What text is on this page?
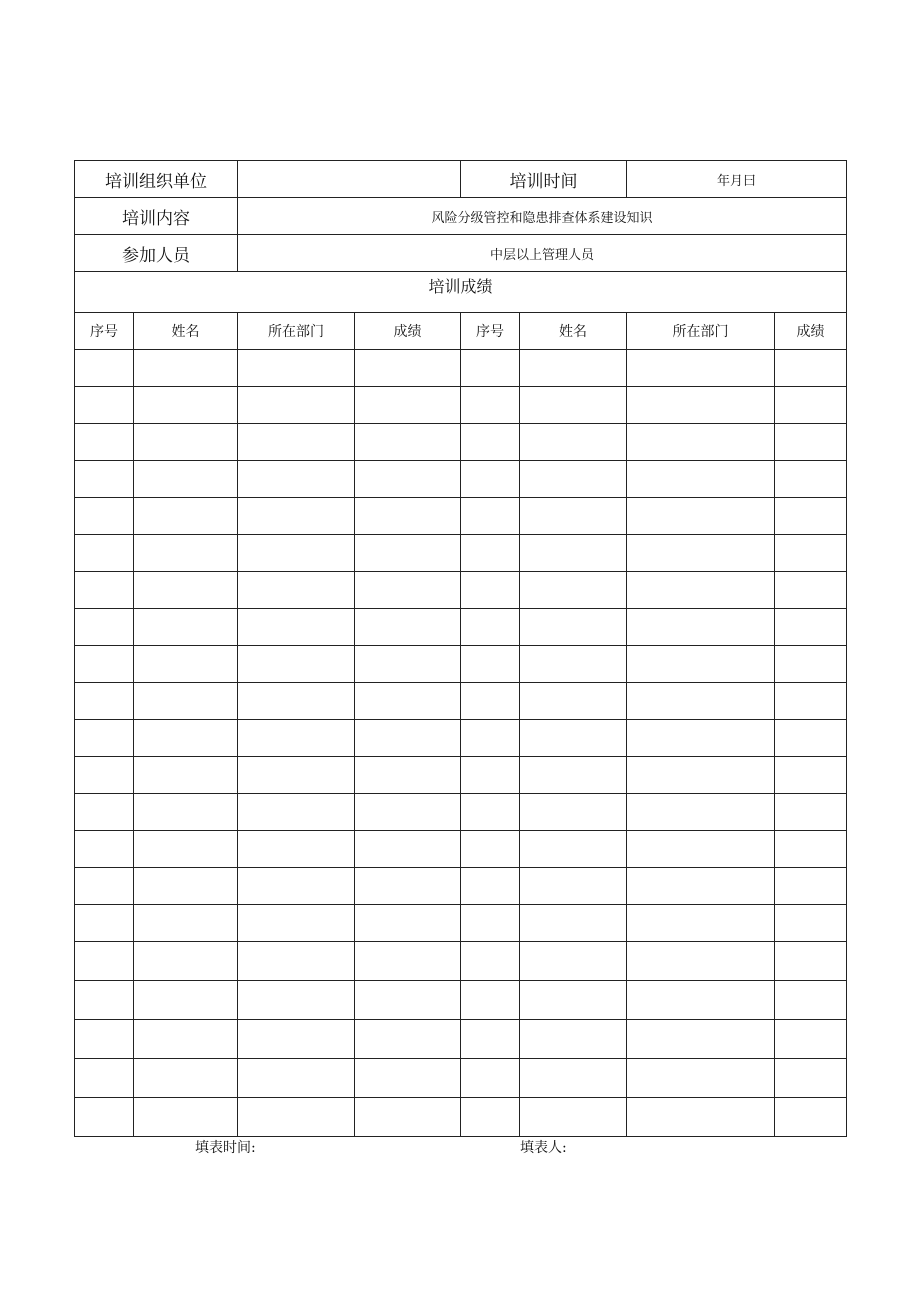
培训组织单位				培训时间		年月曰	
培训内容		风险分级管控和隐患排查体系建设知识					
参加人员		中层以上管理人员					
培训成绩							
序号	姓名	所在部门	成绩	序号	姓名	所在部门	成绩

填表时间:	填表人:
